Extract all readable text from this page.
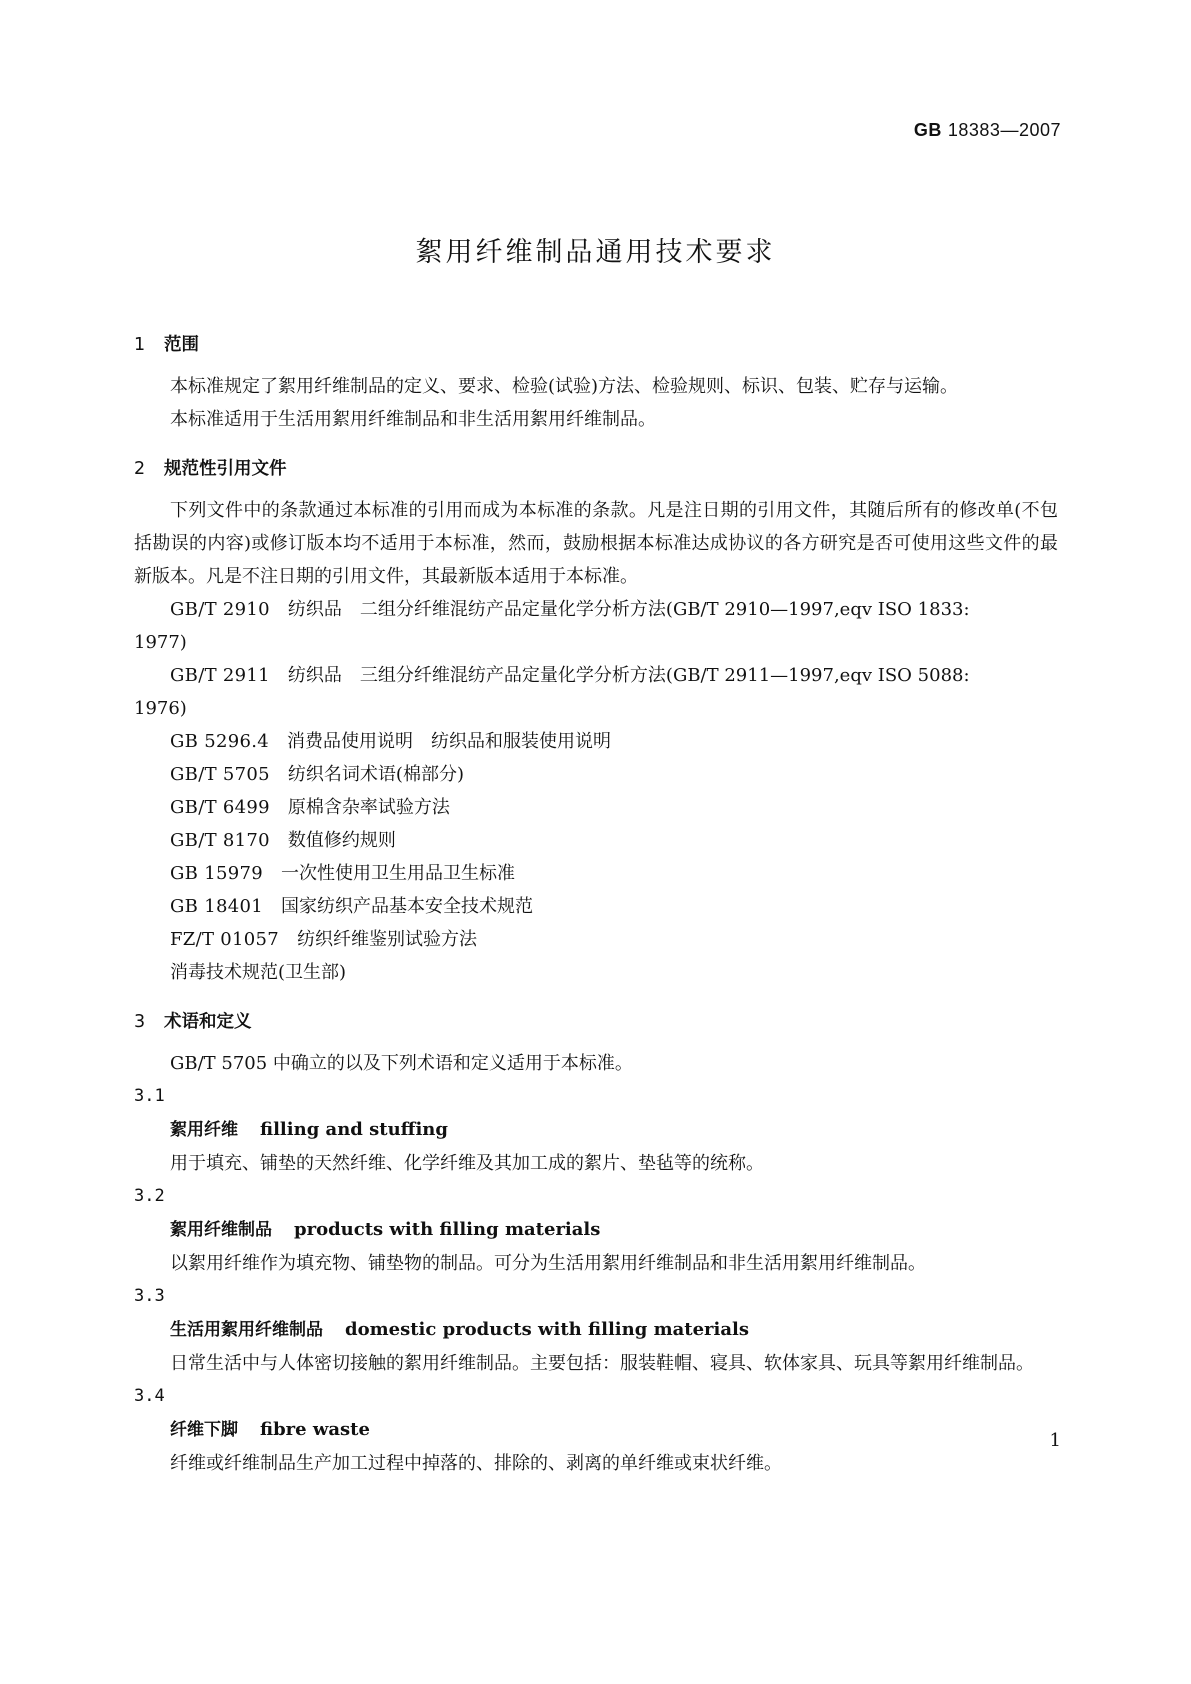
GB 18383—2007
絮用纤维制品通用技术要求
1 范围
本标准规定了絮用纤维制品的定义、要求、检验(试验)方法、检验规则、标识、包装、贮存与运输。
本标准适用于生活用絮用纤维制品和非生活用絮用纤维制品。
2 规范性引用文件
下列文件中的条款通过本标准的引用而成为本标准的条款。凡是注日期的引用文件，其随后所有的修改单(不包括勘误的内容)或修订版本均不适用于本标准，然而，鼓励根据本标准达成协议的各方研究是否可使用这些文件的最新版本。凡是不注日期的引用文件，其最新版本适用于本标准。
GB/T 2910 纺织品　二组分纤维混纺产品定量化学分析方法(GB/T 2910—1997,eqv ISO 1833:
1977)
GB/T 2911 纺织品　三组分纤维混纺产品定量化学分析方法(GB/T 2911—1997,eqv ISO 5088:
1976)
GB 5296.4 消费品使用说明　纺织品和服装使用说明
GB/T 5705 纺织名词术语(棉部分)
GB/T 6499 原棉含杂率试验方法
GB/T 8170 数值修约规则
GB 15979 一次性使用卫生用品卫生标准
GB 18401 国家纺织产品基本安全技术规范
FZ/T 01057 纺织纤维鉴别试验方法
消毒技术规范(卫生部)
3 术语和定义
GB/T 5705 中确立的以及下列术语和定义适用于本标准。
3.1
絮用纤维 filling and stuffing
用于填充、铺垫的天然纤维、化学纤维及其加工成的絮片、垫毡等的统称。
3.2
絮用纤维制品 products with filling materials
以絮用纤维作为填充物、铺垫物的制品。可分为生活用絮用纤维制品和非生活用絮用纤维制品。
3.3
生活用絮用纤维制品 domestic products with filling materials
日常生活中与人体密切接触的絮用纤维制品。主要包括：服装鞋帽、寝具、软体家具、玩具等絮用纤维制品。
3.4
纤维下脚 fibre waste
纤维或纤维制品生产加工过程中掉落的、排除的、剥离的单纤维或束状纤维。
1
